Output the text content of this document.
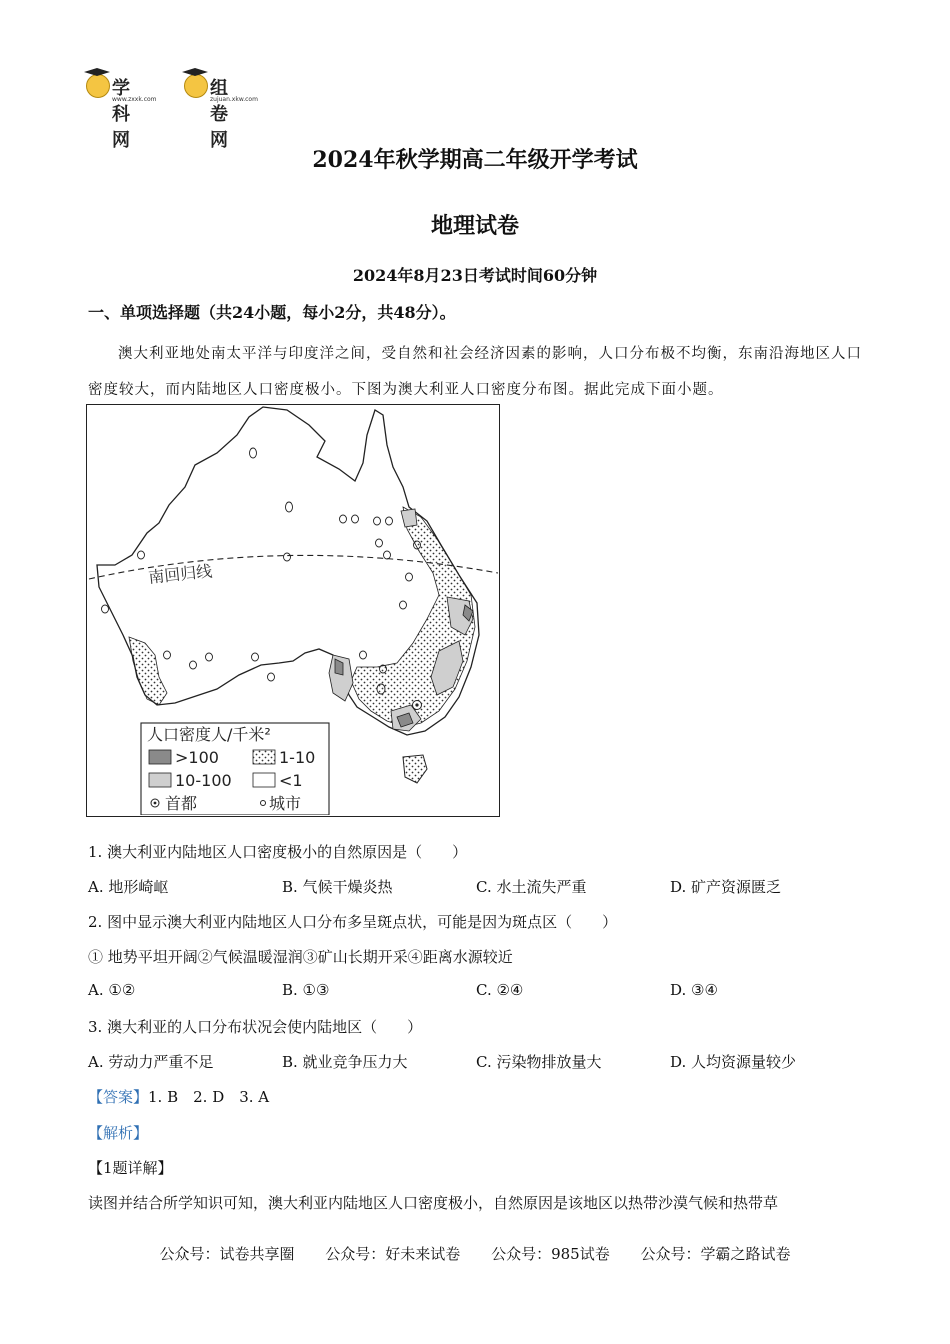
学科网
www.zxxk.com
组卷网
zujuan.xkw.com
2024年秋学期高二年级开学考试
地理试卷
2024年8月23日考试时间60分钟
一、单项选择题（共24小题，每小2分，共48分）。
澳大利亚地处南太平洋与印度洋之间，受自然和社会经济因素的影响，人口分布极不均衡，东南沿海地区人口密度较大，而内陆地区人口密度极小。下图为澳大利亚人口密度分布图。据此完成下面小题。
南回归线
人口密度人/千米²
>100	1-10
10-100	<1
首都	城市
1. 澳大利亚内陆地区人口密度极小的自然原因是（　　）
A. 地形崎岖	B. 气候干燥炎热	C. 水土流失严重	D. 矿产资源匮乏
2. 图中显示澳大利亚内陆地区人口分布多呈斑点状，可能是因为斑点区（　　）
① 地势平坦开阔②气候温暖湿润③矿山长期开采④距离水源较近
A. ①②	B. ①③	C. ②④	D. ③④
3. 澳大利亚的人口分布状况会使内陆地区（　　）
A. 劳动力严重不足	B. 就业竞争压力大	C. 污染物排放量大	D. 人均资源量较少
【答案】1. B　2. D　3. A
【解析】
【1题详解】
读图并结合所学知识可知，澳大利亚内陆地区人口密度极小，自然原因是该地区以热带沙漠气候和热带草
公众号：试卷共享圈 公众号：好未来试卷 公众号：985试卷 公众号：学霸之路试卷
